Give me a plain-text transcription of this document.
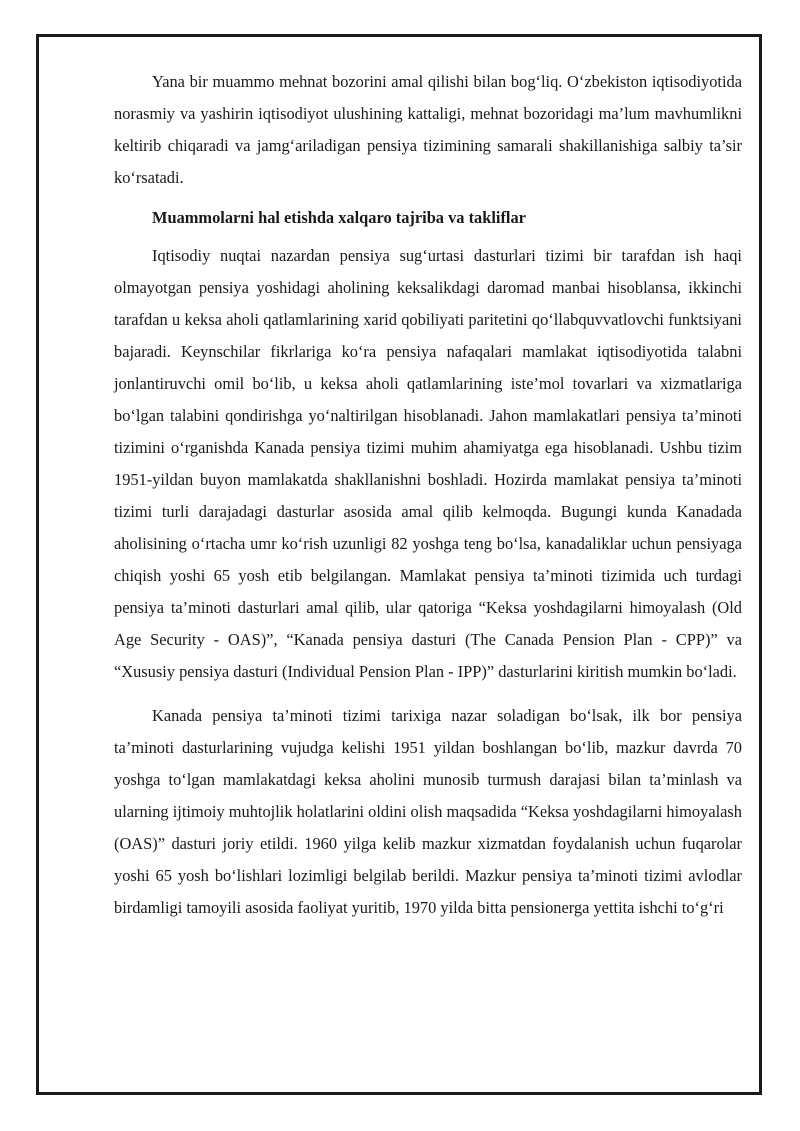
Yana bir muammo mehnat bozorini amal qilishi bilan bog‘liq. O‘zbekiston iqtisodiyotida norasmiy va yashirin iqtisodiyot ulushining kattaligi, mehnat bozoridagi ma’lum mavhumlikni keltirib chiqaradi va jamg‘ariladigan pensiya tizimining samarali shakillanishiga salbiy ta’sir ko‘rsatadi.

Muammolarni hal etishda xalqaro tajriba va takliflar

Iqtisodiy nuqtai nazardan pensiya sug‘urtasi dasturlari tizimi bir tarafdan ish haqi olmayotgan pensiya yoshidagi aholining keksalikdagi daromad manbai hisoblansa, ikkinchi tarafdan u keksa aholi qatlamlarining xarid qobiliyati paritetini qo‘llabquvvatlovchi funktsiyani bajaradi. Keynschilar fikrlariga ko‘ra pensiya nafaqalari mamlakat iqtisodiyotida talabni jonlantiruvchi omil bo‘lib, u keksa aholi qatlamlarining iste’mol tovarlari va xizmatlariga bo‘lgan talabini qondirishga yo‘naltirilgan hisoblanadi. Jahon mamlakatlari pensiya ta’minoti tizimini o‘rganishda Kanada pensiya tizimi muhim ahamiyatga ega hisoblanadi. Ushbu tizim 1951-yildan buyon mamlakatda shakllanishni boshladi. Hozirda mamlakat pensiya ta’minoti tizimi turli darajadagi dasturlar asosida amal qilib kelmoqda. Bugungi kunda Kanadada aholisining o‘rtacha umr ko‘rish uzunligi 82 yoshga teng bo‘lsa, kanadaliklar uchun pensiyaga chiqish yoshi 65 yosh etib belgilangan. Mamlakat pensiya ta’minoti tizimida uch turdagi pensiya ta’minoti dasturlari amal qilib, ular qatoriga “Keksa yoshdagilarni himoyalash (Old Age Security - OAS)”, “Kanada pensiya dasturi (The Canada Pension Plan - CPP)” va “Xususiy pensiya dasturi (Individual Pension Plan - IPP)” dasturlarini kiritish mumkin bo‘ladi.

Kanada pensiya ta’minoti tizimi tarixiga nazar soladigan bo‘lsak, ilk bor pensiya ta’minoti dasturlarining vujudga kelishi 1951 yildan boshlangan bo‘lib, mazkur davrda 70 yoshga to‘lgan mamlakatdagi keksa aholini munosib turmush darajasi bilan ta’minlash va ularning ijtimoiy muhtojlik holatlarini oldini olish maqsadida “Keksa yoshdagilarni himoyalash (OAS)” dasturi joriy etildi. 1960 yilga kelib mazkur xizmatdan foydalanish uchun fuqarolar yoshi 65 yosh bo‘lishlari lozimligi belgilab berildi. Mazkur pensiya ta’minoti tizimi avlodlar birdamligi tamoyili asosida faoliyat yuritib, 1970 yilda bitta pensionerga yettita ishchi to‘g‘ri
